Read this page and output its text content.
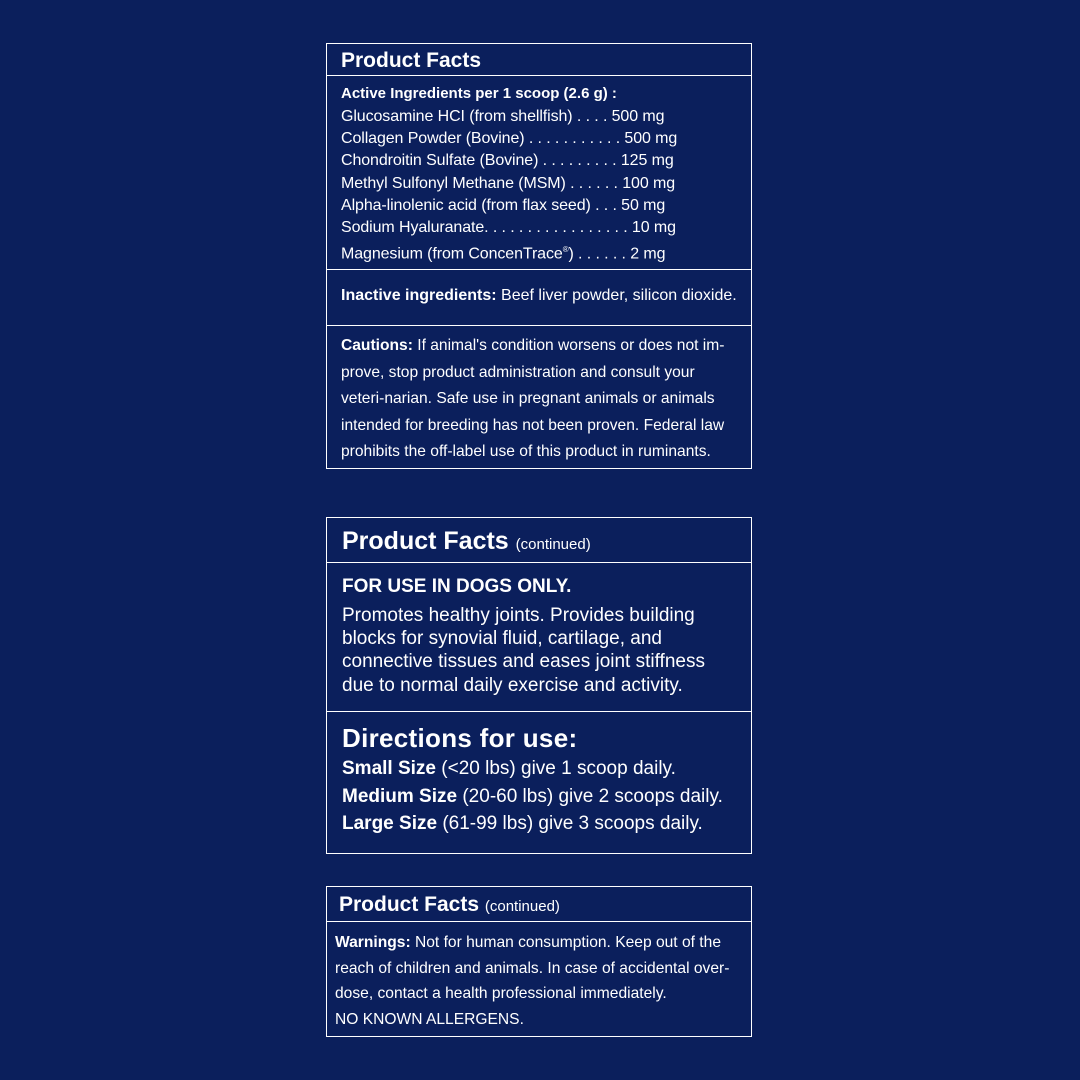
Product Facts
Active Ingredients per 1 scoop (2.6 g) :
Glucosamine HCI (from shellfish) . . . . 500 mg
Collagen Powder (Bovine) . . . . . . . . . . . 500 mg
Chondroitin Sulfate (Bovine) . . . . . . . . . 125 mg
Methyl Sulfonyl Methane (MSM) . . . . . . 100 mg
Alpha-linolenic acid (from flax seed) . . . 50 mg
Sodium Hyaluranate. . . . . . . . . . . . . . . . . 10 mg
Magnesium (from ConcenTrace®) . . . . . . 2 mg
Inactive ingredients: Beef liver powder, silicon dioxide.
Cautions: If animal's condition worsens or does not im-prove, stop product administration and consult your veteri-narian. Safe use in pregnant animals or animals intended for breeding has not been proven. Federal law prohibits the off-label use of this product in ruminants.
Product Facts (continued)
FOR USE IN DOGS ONLY.
Promotes healthy joints. Provides building blocks for synovial fluid, cartilage, and connective tissues and eases joint stiffness due to normal daily exercise and activity.
Directions for use:
Small Size (<20 lbs) give 1 scoop daily.
Medium Size (20-60 lbs) give 2 scoops daily.
Large Size (61-99 lbs) give 3 scoops daily.
Product Facts (continued)
Warnings: Not for human consumption. Keep out of the reach of children and animals. In case of accidental over-dose, contact a health professional immediately.
NO KNOWN ALLERGENS.
